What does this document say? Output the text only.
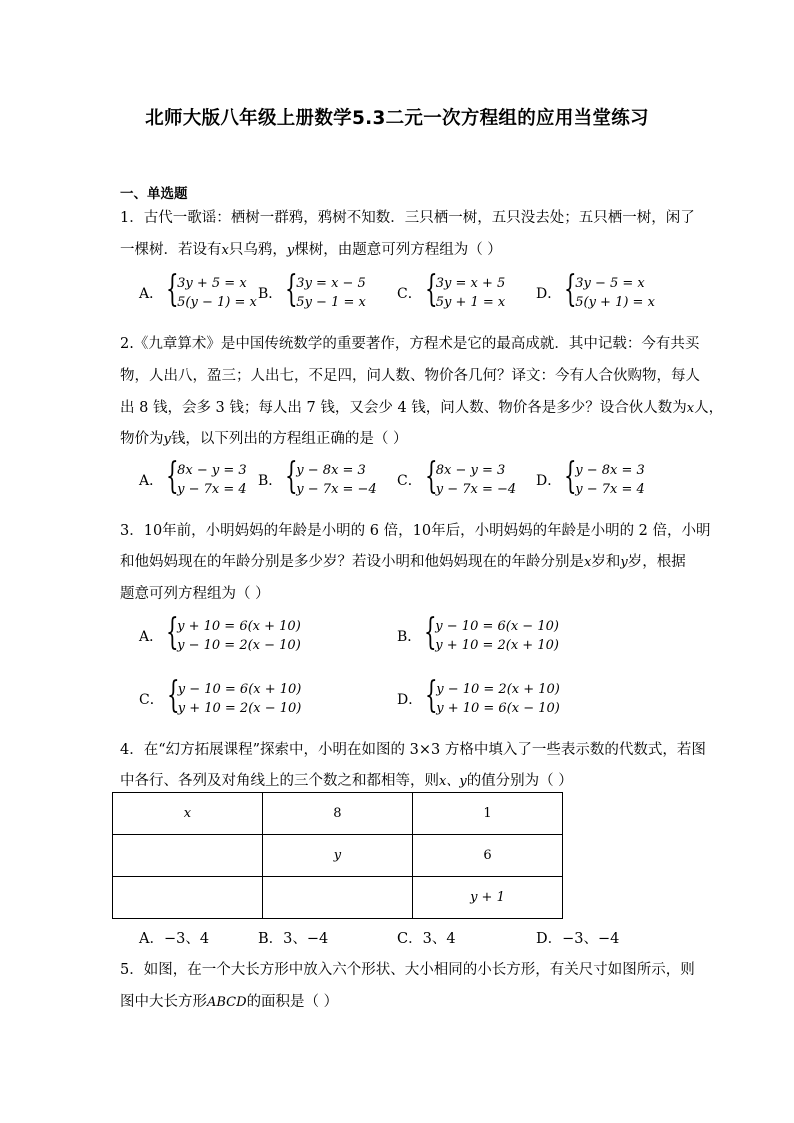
北师大版八年级上册数学5.3二元一次方程组的应用当堂练习
一、单选题
1．古代一歌谣：栖树一群鸦，鸦树不知数．三只栖一树，五只没去处；五只栖一树，闲了
一棵树．若设有x只乌鸦，y棵树，由题意可列方程组为（ ）
A． {
3y + 5 = x
5(y − 1) = x
B． {
3y = x − 5
5y − 1 = x
C． {
3y = x + 5
5y + 1 = x
D． {
3y − 5 = x
5(y + 1) = x
2.《九章算术》是中国传统数学的重要著作，方程术是它的最高成就．其中记载：今有共买
物，人出八，盈三；人出七，不足四，问人数、物价各几何？译文：今有人合伙购物，每人
出 8 钱，会多 3 钱；每人出 7 钱，又会少 4 钱，问人数、物价各是多少？设合伙人数为x人，
物价为y钱，以下列出的方程组正确的是（ ）
A． {
8x − y = 3
y − 7x = 4
B． {
y − 8x = 3
y − 7x = −4
C． {
8x − y = 3
y − 7x = −4
D． {
y − 8x = 3
y − 7x = 4
3．10年前，小明妈妈的年龄是小明的 6 倍，10年后，小明妈妈的年龄是小明的 2 倍，小明
和他妈妈现在的年龄分别是多少岁？若设小明和他妈妈现在的年龄分别是x岁和y岁，根据
题意可列方程组为（ ）
A． {
y + 10 = 6(x + 10)
y − 10 = 2(x − 10)
B． {
y − 10 = 6(x − 10)
y + 10 = 2(x + 10)
C． {
y − 10 = 6(x + 10)
y + 10 = 2(x − 10)
D． {
y − 10 = 2(x + 10)
y + 10 = 6(x − 10)
4．在“幻方拓展课程”探索中，小明在如图的 3×3 方格中填入了一些表示数的代数式，若图
中各行、各列及对角线上的三个数之和都相等，则x、y的值分别为（ ）
x	8	1
	y	6
		y + 1
A．−3、4	B．3、−4	C．3、4	D．−3、−4
5．如图，在一个大长方形中放入六个形状、大小相同的小长方形，有关尺寸如图所示，则
图中大长方形ABCD的面积是（ ）
